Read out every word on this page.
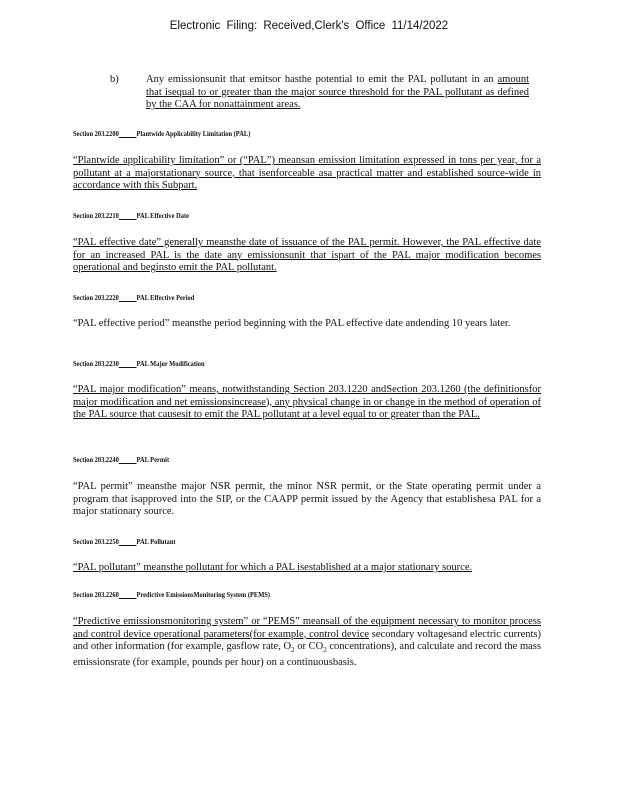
Electronic Filing: Received,Clerk's Office 11/14/2022
b)	Any emissionsunit that emitsor hasthe potential to emit the PAL pollutant in an amount that isequal to or greater than the major source threshold for the PAL pollutant as defined by the CAA for nonattainment areas.
Section 203.2200	Plantwide Applicability Limitation (PAL)
“Plantwide applicability limitation” or (“PAL”) meansan emission limitation expressed in tons per year, for a pollutant at a majorstationary source, that isenforceable asa practical matter and established source-wide in accordance with this Subpart.
Section 203.2210	PAL Effective Date
“PAL effective date” generally meansthe date of issuance of the PAL permit. However, the PAL effective date for an increased PAL is the date any emissionsunit that ispart of the PAL major modification becomes operational and beginsto emit the PAL pollutant.
Section 203.2220	PAL Effective Period
“PAL effective period” meansthe period beginning with the PAL effective date andending 10 years later.
Section 203.2230	PAL Major Modification
“PAL major modification” means, notwithstanding Section 203.1220 andSection 203.1260 (the definitionsfor major modification and net emissionsincrease), any physical change in or change in the method of operation of the PAL source that causesit to emit the PAL pollutant at a level equal to or greater than the PAL.
Section 203.2240	PAL Permit
“PAL permit” meansthe major NSR permit, the minor NSR permit, or the State operating permit under a program that isapproved into the SIP, or the CAAPP permit issued by the Agency that establishesa PAL for a major stationary source.
Section 203.2250	PAL Pollutant
“PAL pollutant” meansthe pollutant for which a PAL isestablished at a major stationary source.
Section 203.2260	Predictive EmissionsMonitoring System (PEMS)
“Predictive emissionsmonitoring system” or “PEMS” meansall of the equipment necessary to monitor process and control device operational parameters(for example, control device secondary voltagesand electric currents) and other information (for example, gasflow rate, $O_2$ or $CO_2$ concentrations), and calculate and record the mass emissionsrate (for example, pounds per hour) on a continuousbasis.
